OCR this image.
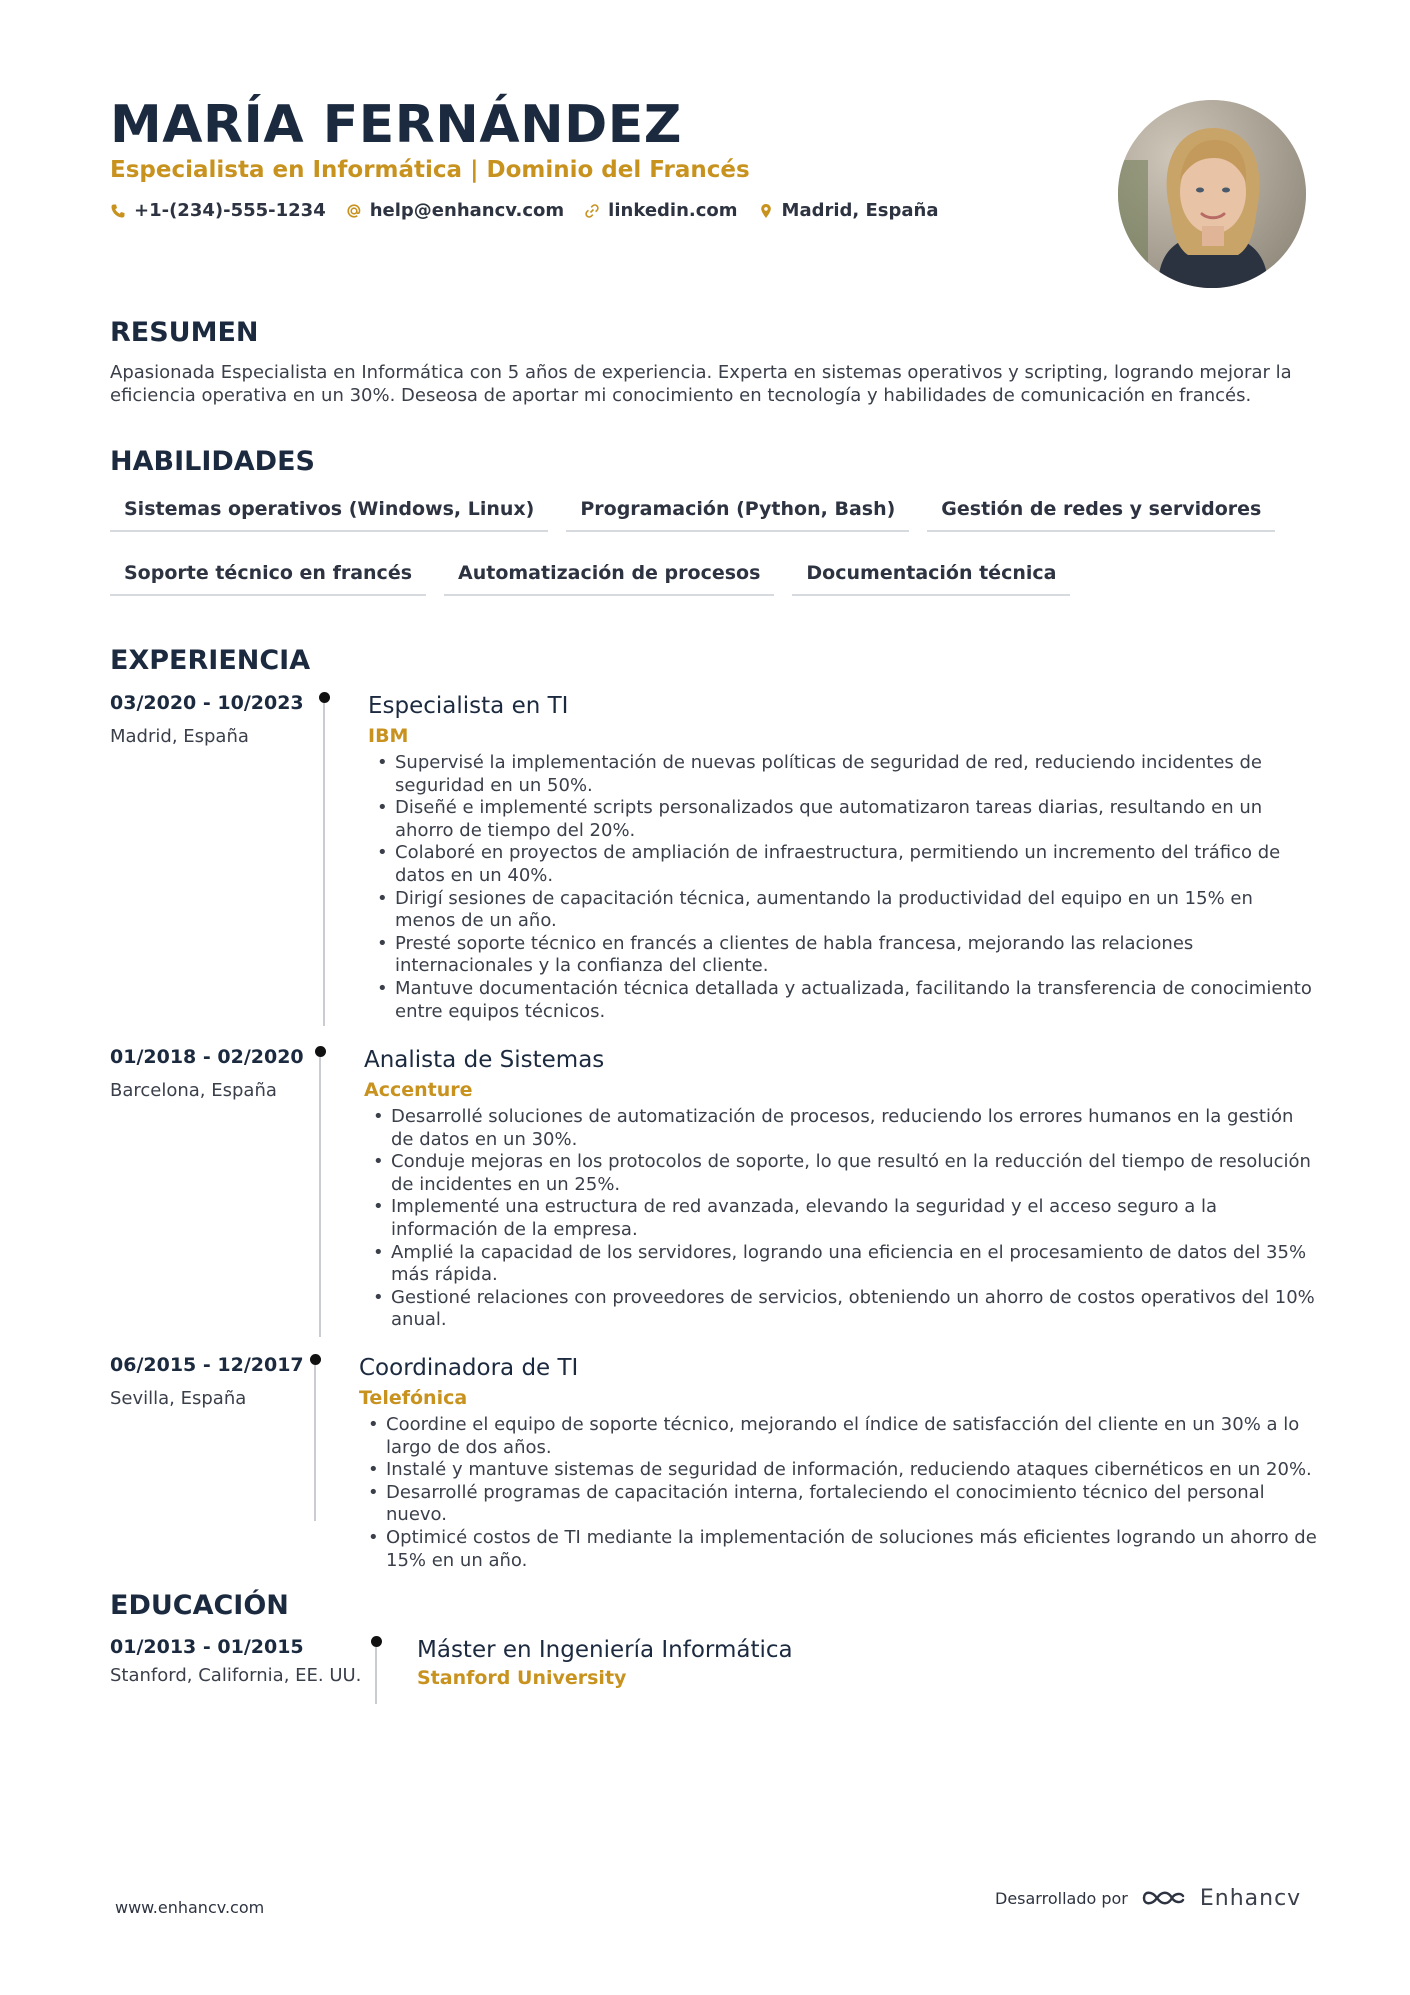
MARÍA FERNÁNDEZ
Especialista en Informática | Dominio del Francés
+1-(234)-555-1234 help@enhancv.com linkedin.com Madrid, España
RESUMEN
Apasionada Especialista en Informática con 5 años de experiencia. Experta en sistemas operativos y scripting, logrando mejorar la eficiencia operativa en un 30%. Deseosa de aportar mi conocimiento en tecnología y habilidades de comunicación en francés.
HABILIDADES
Sistemas operativos (Windows, Linux)	Programación (Python, Bash)	Gestión de redes y servidores
Soporte técnico en francés	Automatización de procesos	Documentación técnica
EXPERIENCIA
03/2020 - 10/2023
Madrid, España
Especialista en TI
IBM
• Supervisé la implementación de nuevas políticas de seguridad de red, reduciendo incidentes de seguridad en un 50%.
• Diseñé e implementé scripts personalizados que automatizaron tareas diarias, resultando en un ahorro de tiempo del 20%.
• Colaboré en proyectos de ampliación de infraestructura, permitiendo un incremento del tráfico de datos en un 40%.
• Dirigí sesiones de capacitación técnica, aumentando la productividad del equipo en un 15% en menos de un año.
• Presté soporte técnico en francés a clientes de habla francesa, mejorando las relaciones internacionales y la confianza del cliente.
• Mantuve documentación técnica detallada y actualizada, facilitando la transferencia de conocimiento entre equipos técnicos.
01/2018 - 02/2020
Barcelona, España
Analista de Sistemas
Accenture
• Desarrollé soluciones de automatización de procesos, reduciendo los errores humanos en la gestión de datos en un 30%.
• Conduje mejoras en los protocolos de soporte, lo que resultó en la reducción del tiempo de resolución de incidentes en un 25%.
• Implementé una estructura de red avanzada, elevando la seguridad y el acceso seguro a la información de la empresa.
• Amplié la capacidad de los servidores, logrando una eficiencia en el procesamiento de datos del 35% más rápida.
• Gestioné relaciones con proveedores de servicios, obteniendo un ahorro de costos operativos del 10% anual.
06/2015 - 12/2017
Sevilla, España
Coordinadora de TI
Telefónica
• Coordine el equipo de soporte técnico, mejorando el índice de satisfacción del cliente en un 30% a lo largo de dos años.
• Instalé y mantuve sistemas de seguridad de información, reduciendo ataques cibernéticos en un 20%.
• Desarrollé programas de capacitación interna, fortaleciendo el conocimiento técnico del personal nuevo.
• Optimicé costos de TI mediante la implementación de soluciones más eficientes logrando un ahorro de 15% en un año.
EDUCACIÓN
01/2013 - 01/2015
Stanford, California, EE. UU.
Máster en Ingeniería Informática
Stanford University
www.enhancv.com	Desarrollado por	Enhancv
